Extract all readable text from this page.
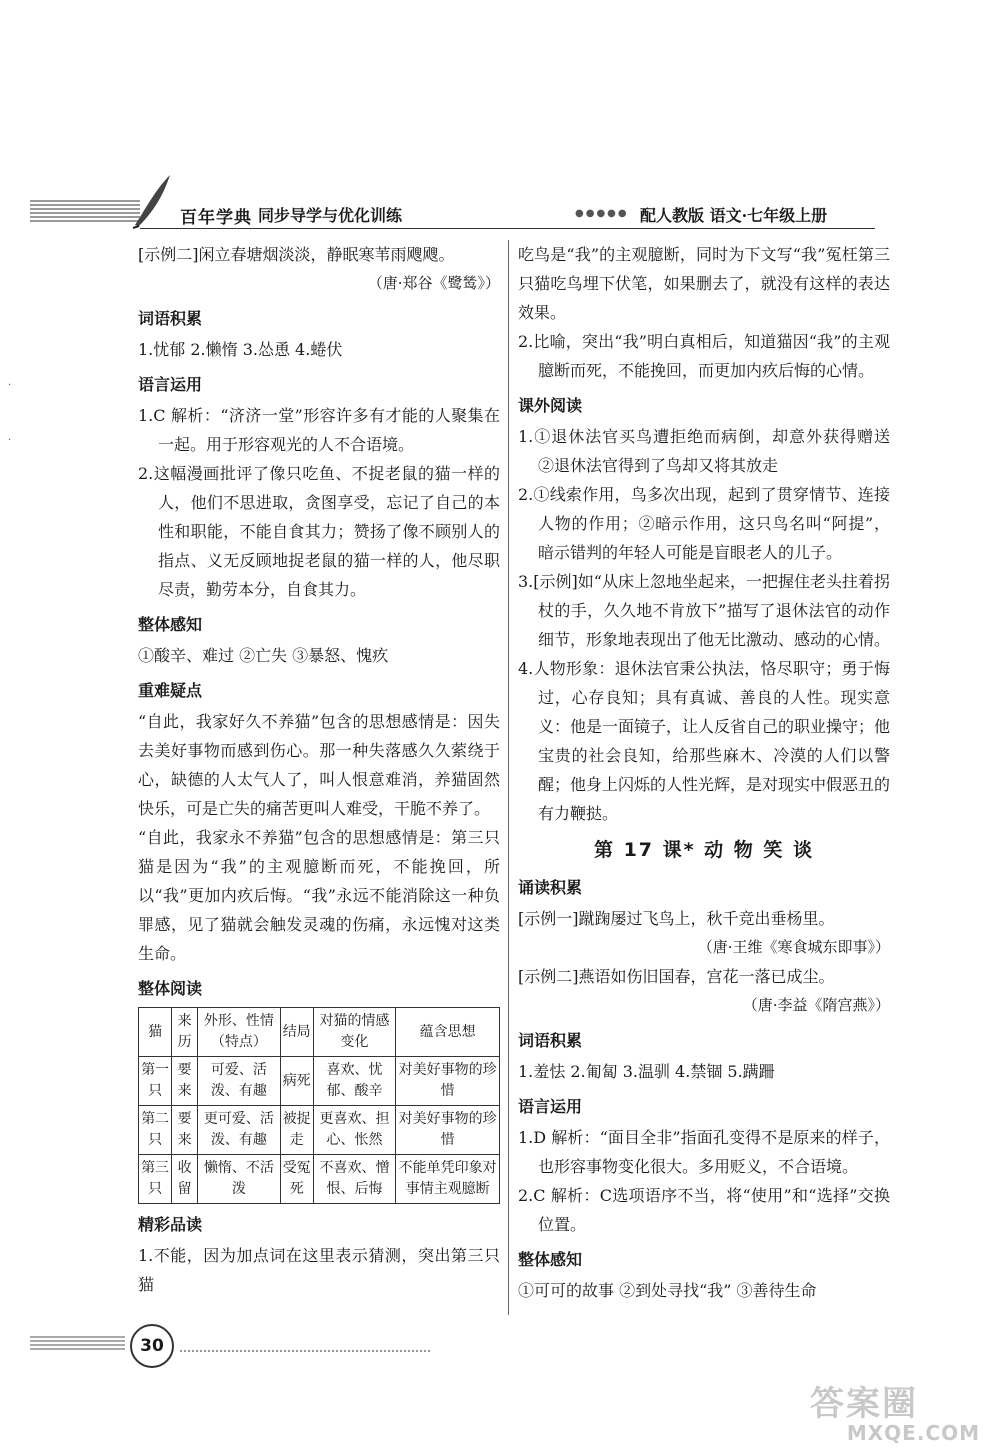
百年学典 同步导学与优化训练	●●●●● 配人教版 语文·七年级上册
·

·

[示例二]闲立春塘烟淡淡，静眠寒苇雨飕飕。

（唐·郑谷《鹭鸶》）

词语积累

1.忧郁 2.懒惰 3.怂恿 4.蜷伏

语言运用

1.C 解析：“济济一堂”形容许多有才能的人聚集在一起。用于形容观光的人不合语境。

2.这幅漫画批评了像只吃鱼、不捉老鼠的猫一样的人，他们不思进取，贪图享受，忘记了自己的本性和职能，不能自食其力；赞扬了像不顾别人的指点、义无反顾地捉老鼠的猫一样的人，他尽职尽责，勤劳本分，自食其力。

整体感知

①酸辛、难过 ②亡失 ③暴怒、愧疚

重难疑点

“自此，我家好久不养猫”包含的思想感情是：因失去美好事物而感到伤心。那一种失落感久久萦绕于心，缺德的人太气人了，叫人恨意难消，养猫固然快乐，可是亡失的痛苦更叫人难受，干脆不养了。

“自此，我家永不养猫”包含的思想感情是：第三只猫是因为“我”的主观臆断而死，不能挽回，所以“我”更加内疚后悔。“我”永远不能消除这一种负罪感，见了猫就会触发灵魂的伤痛，永远愧对这类生命。

整体阅读
猫	来历	外形、性情（特点）	结局	对猫的情感变化	蕴含思想
第一只	要来	可爱、活泼、有趣	病死	喜欢、忧郁、酸辛	对美好事物的珍惜
第二只	要来	更可爱、活泼、有趣	被捉走	更喜欢、担心、怅然	对美好事物的珍惜
第三只	收留	懒惰、不活泼	受冤死	不喜欢、憎恨、后悔	不能单凭印象对事情主观臆断
精彩品读

1.不能，因为加点词在这里表示猜测，突出第三只猫

吃鸟是“我”的主观臆断，同时为下文写“我”冤枉第三只猫吃鸟埋下伏笔，如果删去了，就没有这样的表达效果。

2.比喻，突出“我”明白真相后，知道猫因“我”的主观臆断而死，不能挽回，而更加内疚后悔的心情。

课外阅读

1.①退休法官买鸟遭拒绝而病倒，却意外获得赠送 ②退休法官得到了鸟却又将其放走

2.①线索作用，鸟多次出现，起到了贯穿情节、连接人物的作用；②暗示作用，这只鸟名叫“阿提”，暗示错判的年轻人可能是盲眼老人的儿子。

3.[示例]如“从床上忽地坐起来，一把握住老头拄着拐杖的手，久久地不肯放下”描写了退休法官的动作细节，形象地表现出了他无比激动、感动的心情。

4.人物形象：退休法官秉公执法，恪尽职守；勇于悔过，心存良知；具有真诚、善良的人性。现实意义：他是一面镜子，让人反省自己的职业操守；他宝贵的社会良知，给那些麻木、冷漠的人们以警醒；他身上闪烁的人性光辉，是对现实中假恶丑的有力鞭挞。

第 17 课* 动 物 笑 谈
诵读积累

[示例一]蹴踘屡过飞鸟上，秋千竞出垂杨里。

（唐·王维《寒食城东即事》）

[示例二]燕语如伤旧国春，宫花一落已成尘。

（唐·李益《隋宫燕》）

词语积累

1.羞怯 2.匍匐 3.温驯 4.禁锢 5.蹒跚

语言运用

1.D 解析：“面目全非”指面孔变得不是原来的样子，也形容事物变化很大。多用贬义，不合语境。

2.C 解析：C选项语序不当，将“使用”和“选择”交换位置。

整体感知

①可可的故事 ②到处寻找“我” ③善待生命

30
答案圈
MXQE.COM
